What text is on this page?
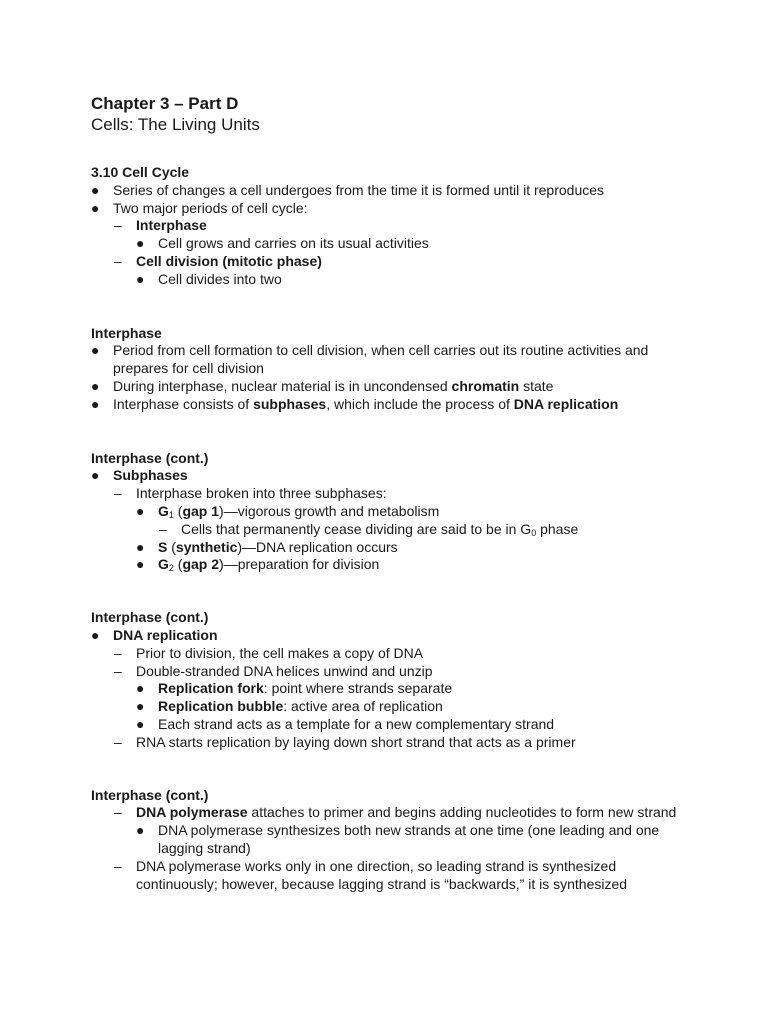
Chapter 3 – Part D
Cells: The Living Units
3.10 Cell Cycle
● Series of changes a cell undergoes from the time it is formed until it reproduces
● Two major periods of cell cycle:
–	Interphase
● Cell grows and carries on its usual activities
–	Cell division (mitotic phase)
● Cell divides into two
Interphase
● Period from cell formation to cell division, when cell carries out its routine activities and prepares for cell division
● During interphase, nuclear material is in uncondensed chromatin state
● Interphase consists of subphases, which include the process of DNA replication
Interphase (cont.)
● Subphases
–	Interphase broken into three subphases:
● $G_1$ (gap 1)—vigorous growth and metabolism
–	Cells that permanently cease dividing are said to be in $G_0$ phase
● S (synthetic)—DNA replication occurs
● $G_2$ (gap 2)—preparation for division
Interphase (cont.)
● DNA replication
–	Prior to division, the cell makes a copy of DNA
–	Double-stranded DNA helices unwind and unzip
● Replication fork: point where strands separate
● Replication bubble: active area of replication
● Each strand acts as a template for a new complementary strand
–	RNA starts replication by laying down short strand that acts as a primer
Interphase (cont.)
–	DNA polymerase attaches to primer and begins adding nucleotides to form new strand
● DNA polymerase synthesizes both new strands at one time (one leading and one lagging strand)
–	DNA polymerase works only in one direction, so leading strand is synthesized continuously; however, because lagging strand is “backwards,” it is synthesized
